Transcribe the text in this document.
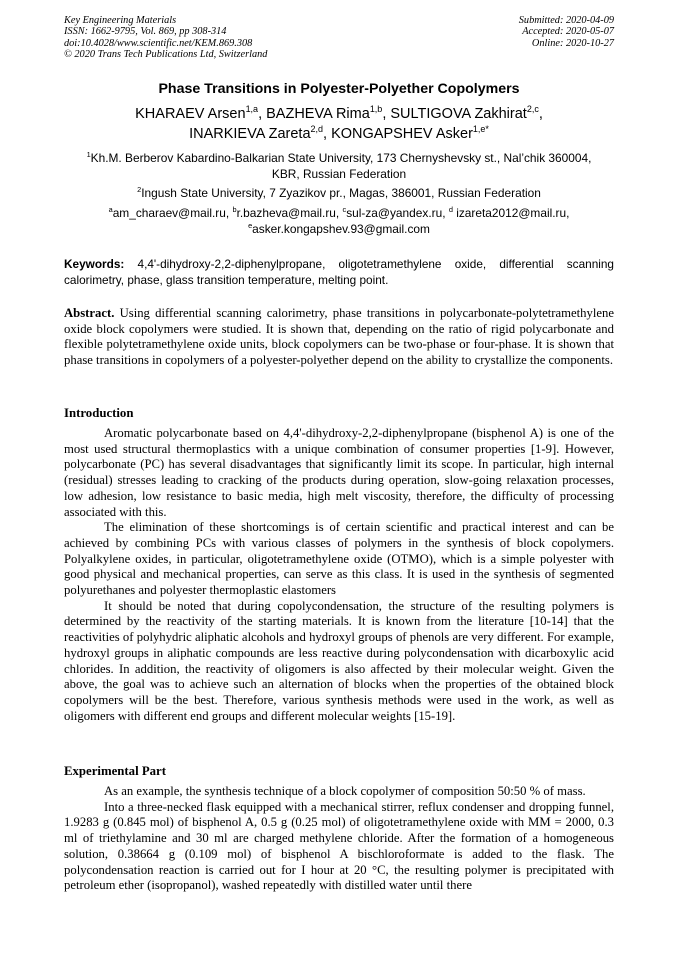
Key Engineering Materials
ISSN: 1662-9795, Vol. 869, pp 308-314
doi:10.4028/www.scientific.net/KEM.869.308
© 2020 Trans Tech Publications Ltd, Switzerland
Submitted: 2020-04-09
Accepted: 2020-05-07
Online: 2020-10-27
Phase Transitions in Polyester-Polyether Copolymers
KHARAEV Arsen$^{1,a}$, BAZHEVA Rima$^{1,b}$, SULTIGOVA Zakhirat$^{2,c}$,
INARKIEVA Zareta$^{2,d}$, KONGAPSHEV Asker$^{1,e*}$
$^1$Kh.M. Berberov Kabardino-Balkarian State University, 173 Chernyshevsky st., Nal’chik 360004,
KBR, Russian Federation
$^2$Ingush State University, 7 Zyazikov pr., Magas, 386001, Russian Federation
$^a$am_charaev@mail.ru, $^b$r.bazheva@mail.ru, $^c$sul-za@yandex.ru, $^d$ izareta2012@mail.ru,
$^e$asker.kongapshev.93@gmail.com
Keywords: 4,4'-dihydroxy-2,2-diphenylpropane, oligotetramethylene oxide, differential scanning calorimetry, phase, glass transition temperature, melting point.
Abstract. Using differential scanning calorimetry, phase transitions in polycarbonate-polytetramethylene oxide block copolymers were studied. It is shown that, depending on the ratio of rigid polycarbonate and flexible polytetramethylene oxide units, block copolymers can be two-phase or four-phase. It is shown that phase transitions in copolymers of a polyester-polyether depend on the ability to crystallize the components.
Introduction

Aromatic polycarbonate based on 4,4'-dihydroxy-2,2-diphenylpropane (bisphenol A) is one of the most used structural thermoplastics with a unique combination of consumer properties [1-9]. However, polycarbonate (PC) has several disadvantages that significantly limit its scope. In particular, high internal (residual) stresses leading to cracking of the products during operation, slow-going relaxation processes, low adhesion, low resistance to basic media, high melt viscosity, therefore, the difficulty of processing associated with this.

The elimination of these shortcomings is of certain scientific and practical interest and can be achieved by combining PCs with various classes of polymers in the synthesis of block copolymers. Polyalkylene oxides, in particular, oligotetramethylene oxide (OTMO), which is a simple polyester with good physical and mechanical properties, can serve as this class. It is used in the synthesis of segmented polyurethanes and polyester thermoplastic elastomers

It should be noted that during copolycondensation, the structure of the resulting polymers is determined by the reactivity of the starting materials. It is known from the literature [10-14] that the reactivities of polyhydric aliphatic alcohols and hydroxyl groups of phenols are very different. For example, hydroxyl groups in aliphatic compounds are less reactive during polycondensation with dicarboxylic acid chlorides. In addition, the reactivity of oligomers is also affected by their molecular weight. Given the above, the goal was to achieve such an alternation of blocks when the properties of the obtained block copolymers will be the best. Therefore, various synthesis methods were used in the work, as well as oligomers with different end groups and different molecular weights [15-19].

Experimental Part

As an example, the synthesis technique of a block copolymer of composition 50:50 % of mass.

Into a three-necked flask equipped with a mechanical stirrer, reflux condenser and dropping funnel, 1.9283 g (0.845 mol) of bisphenol A, 0.5 g (0.25 mol) of oligotetramethylene oxide with MM = 2000, 0.3 ml of triethylamine and 30 ml are charged methylene chloride. After the formation of a homogeneous solution, 0.38664 g (0.109 mol) of bisphenol A bischloroformate is added to the flask. The polycondensation reaction is carried out for I hour at 20 °C, the resulting polymer is precipitated with petroleum ether (isopropanol), washed repeatedly with distilled water until there
